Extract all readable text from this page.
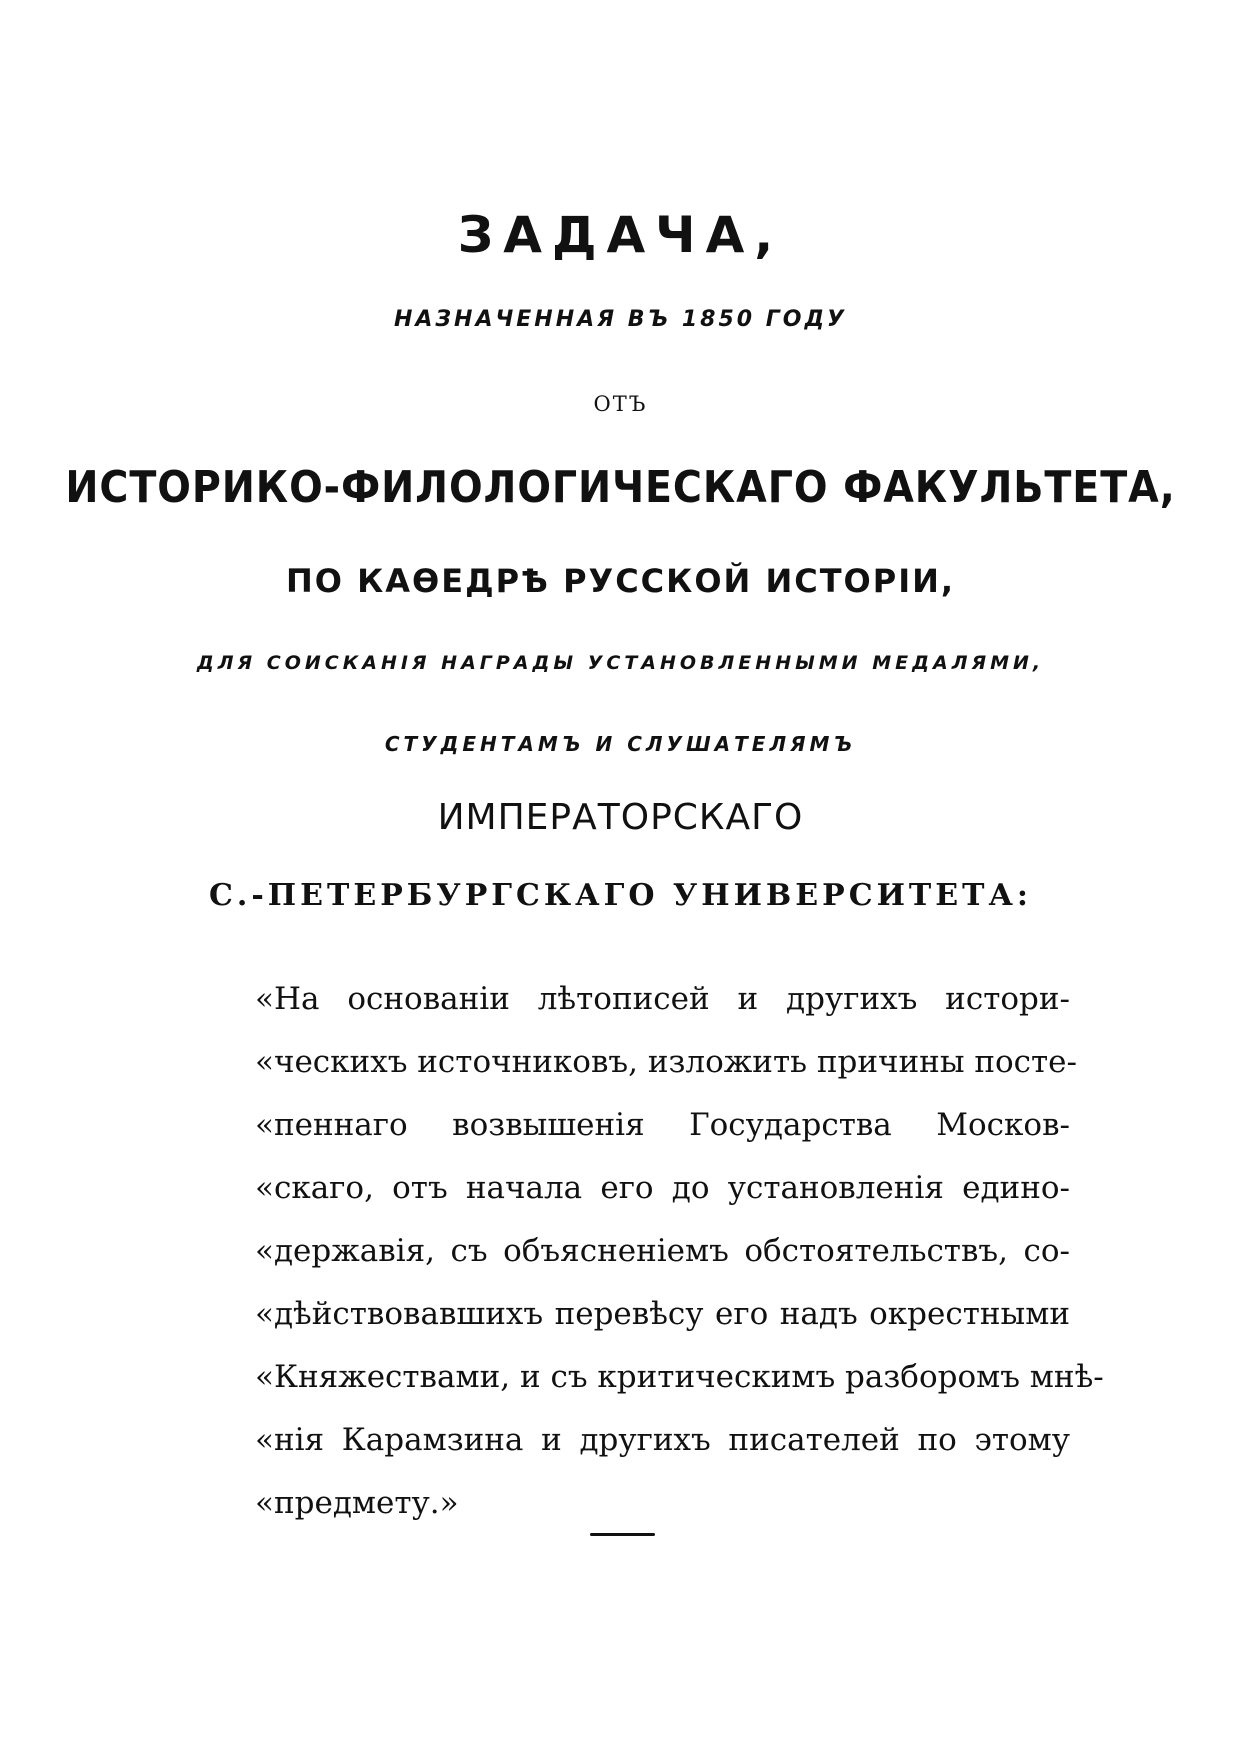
ЗАДАЧА,
НАЗНАЧЕННАЯ ВЪ 1850 ГОДУ
ОТЪ
ИСТОРИКО-ФИЛОЛОГИЧЕСКАГО ФАКУЛЬТЕТА,
ПО КАѲЕДРѢ РУССКОЙ ИСТОРІИ,
ДЛЯ СОИСКАНІЯ НАГРАДЫ УСТАНОВЛЕННЫМИ МЕДАЛЯМИ,
СТУДЕНТАМЪ И СЛУШАТЕЛЯМЪ
ИМПЕРАТОРСКАГО
С.-ПЕТЕРБУРГСКАГО УНИВЕРСИТЕТА:
«На основаніи лѣтописей и другихъ истори-
«ческихъ источниковъ, изложить причины посте-
«пеннаго возвышенія Государства Москов-
«скаго, отъ начала его до установленія едино-
«державія, съ объясненіемъ обстоятельствъ, со-
«дѣйствовавшихъ перевѣсу его надъ окрестными
«Княжествами, и съ критическимъ разборомъ мнѣ-
«нія Карамзина и другихъ писателей по этому
«предмету.»
